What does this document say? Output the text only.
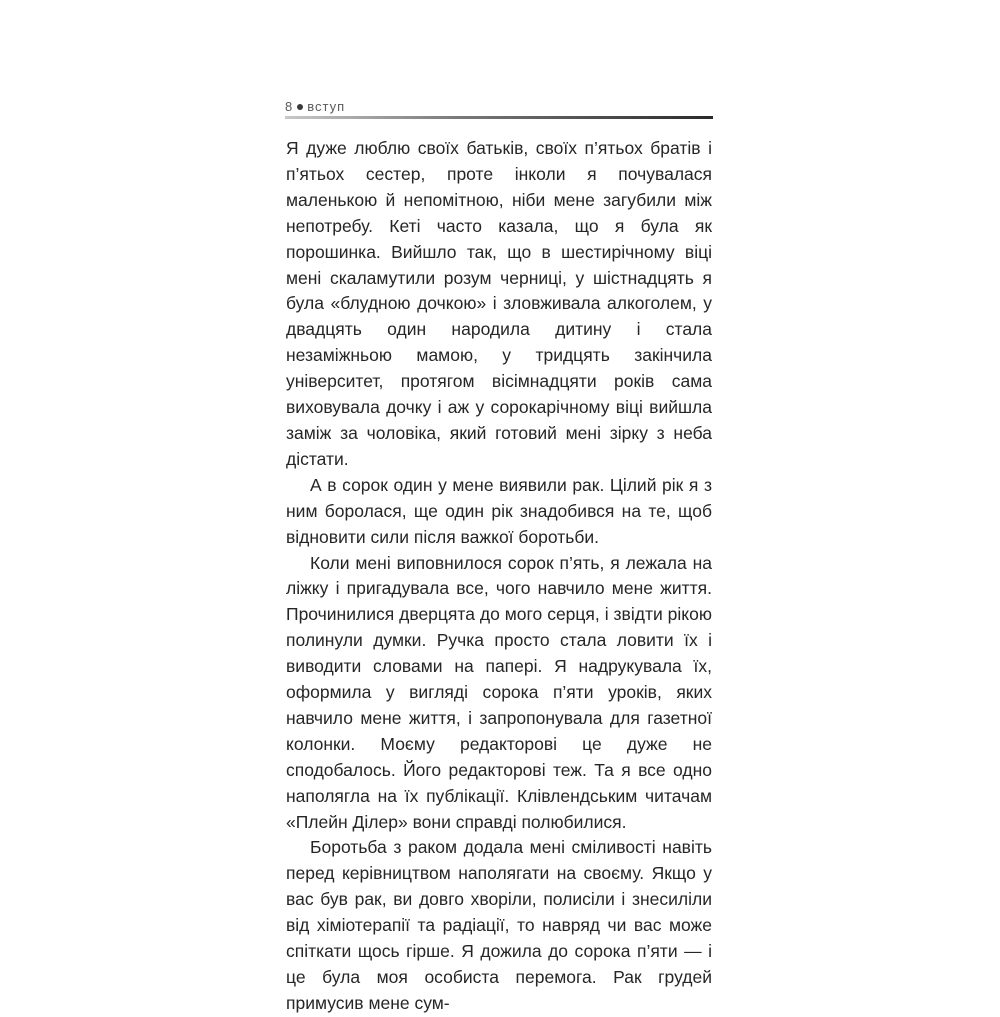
8 вступ

Я дуже люблю своїх батьків, своїх п’ятьох братів і п’ятьох сестер, проте інколи я почувалася маленькою й непомітною, ніби мене загубили між непотребу. Кеті часто казала, що я була як порошинка. Вийшло так, що в шестирічному віці мені скаламутили розум черниці, у шістнадцять я була «блудною дочкою» і зловживала алкоголем, у двадцять один народила дитину і стала незаміжньою мамою, у тридцять закінчила університет, протягом вісімнадцяти років сама виховувала дочку і аж у сорокарічному віці вийшла заміж за чоловіка, який готовий мені зірку з неба дістати.

А в сорок один у мене виявили рак. Цілий рік я з ним боролася, ще один рік знадобився на те, щоб відновити сили після важкої боротьби.

Коли мені виповнилося сорок п’ять, я лежала на ліжку і пригадувала все, чого навчило мене життя. Прочинилися дверцята до мого серця, і звідти рікою полинули думки. Ручка просто стала ловити їх і виводити словами на папері. Я надрукувала їх, оформила у вигляді сорока п’яти уроків, яких навчило мене життя, і запропонувала для газетної колонки. Моєму редакторові це дуже не сподобалось. Його редакторові теж. Та я все одно наполягла на їх публікації. Клівлендським читачам «Плейн Ділер» вони справді полюбилися.

Боротьба з раком додала мені сміливості навіть перед керівництвом наполягати на своєму. Якщо у вас був рак, ви довго хворіли, полисіли і знесиліли від хіміотерапії та радіації, то навряд чи вас може спіткати щось гірше. Я дожила до сорока п’яти — і це була моя особиста перемога. Рак грудей примусив мене сум-
